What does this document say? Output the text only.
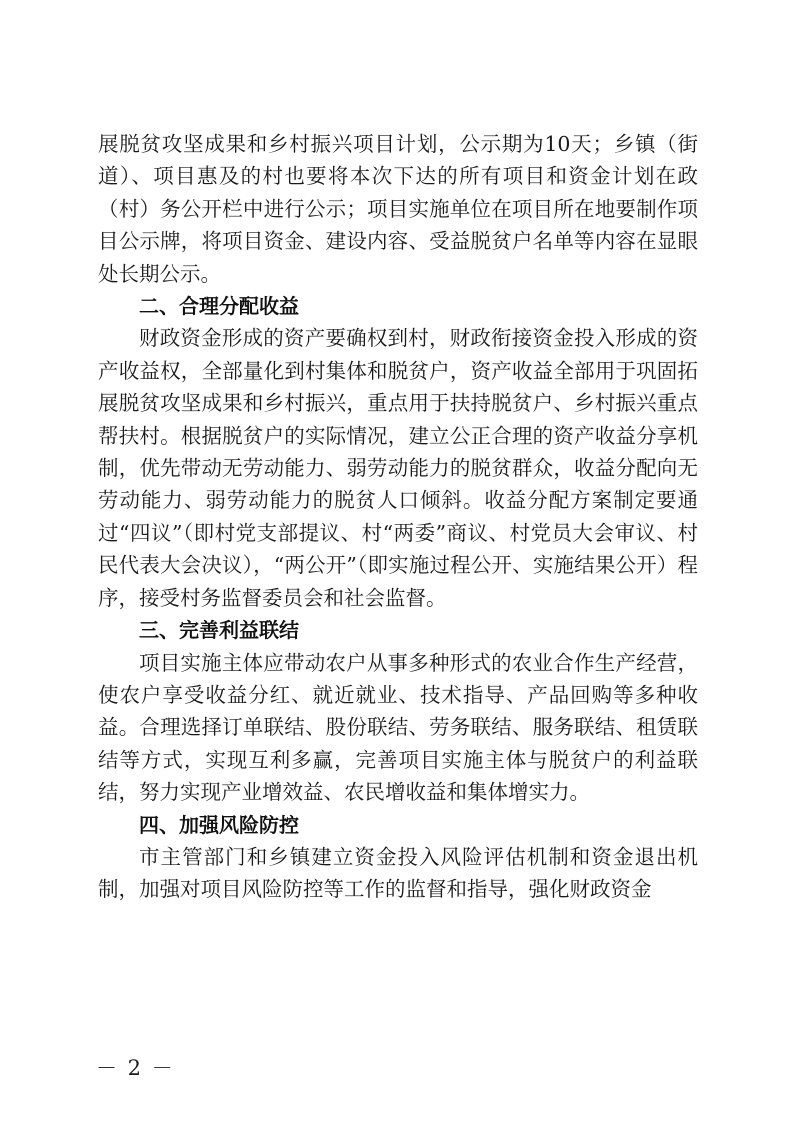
展脱贫攻坚成果和乡村振兴项目计划，公示期为10天；乡镇（街道）、项目惠及的村也要将本次下达的所有项目和资金计划在政（村）务公开栏中进行公示；项目实施单位在项目所在地要制作项目公示牌，将项目资金、建设内容、受益脱贫户名单等内容在显眼处长期公示。

二、合理分配收益

财政资金形成的资产要确权到村，财政衔接资金投入形成的资产收益权，全部量化到村集体和脱贫户，资产收益全部用于巩固拓展脱贫攻坚成果和乡村振兴，重点用于扶持脱贫户、乡村振兴重点帮扶村。根据脱贫户的实际情况，建立公正合理的资产收益分享机制，优先带动无劳动能力、弱劳动能力的脱贫群众，收益分配向无劳动能力、弱劳动能力的脱贫人口倾斜。收益分配方案制定要通过“四议”（即村党支部提议、村“两委”商议、村党员大会审议、村民代表大会决议），“两公开”（即实施过程公开、实施结果公开）程序，接受村务监督委员会和社会监督。

三、完善利益联结

项目实施主体应带动农户从事多种形式的农业合作生产经营，使农户享受收益分红、就近就业、技术指导、产品回购等多种收益。合理选择订单联结、股份联结、劳务联结、服务联结、租赁联结等方式，实现互利多赢，完善项目实施主体与脱贫户的利益联结，努力实现产业增效益、农民增收益和集体增实力。

四、加强风险防控

市主管部门和乡镇建立资金投入风险评估机制和资金退出机制，加强对项目风险防控等工作的监督和指导，强化财政资金

－ 2 －
